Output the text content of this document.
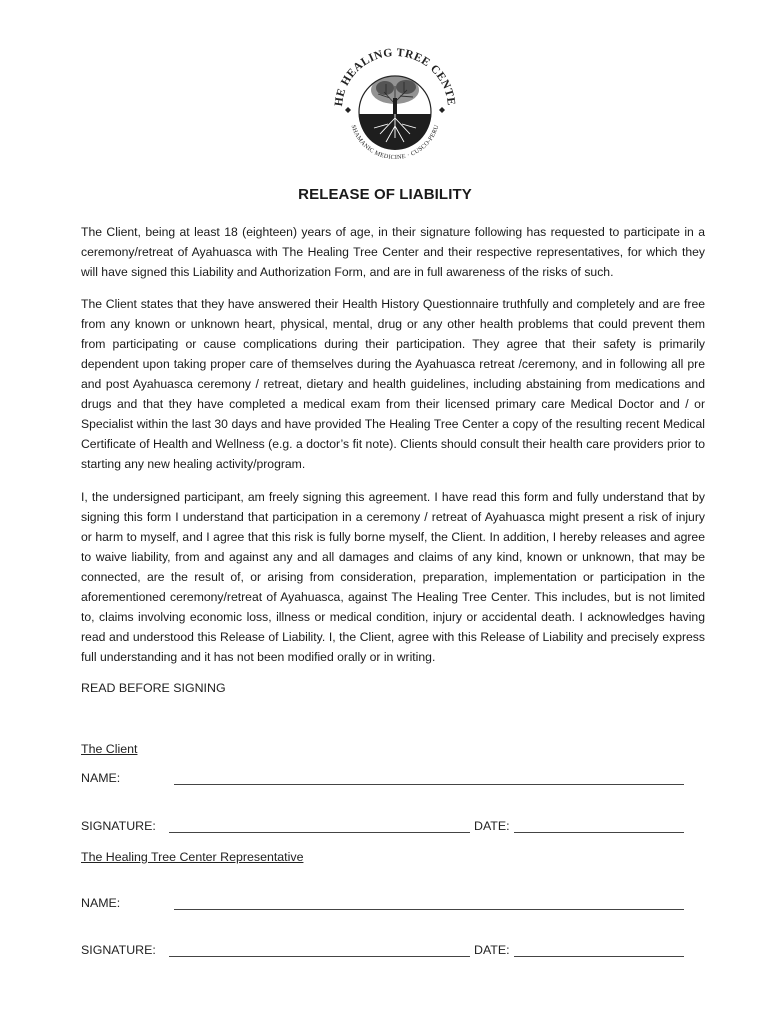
HE HEALING TREE CENTE
SHAMANIC MEDICINE · CUSCO-PERU
RELEASE OF LIABILITY

The Client, being at least 18 (eighteen) years of age, in their signature following has requested to participate in a ceremony/retreat of Ayahuasca with The Healing Tree Center and their respective representatives, for which they will have signed this Liability and Authorization Form, and are in full awareness of the risks of such.

The Client states that they have answered their Health History Questionnaire truthfully and completely and are free from any known or unknown heart, physical, mental, drug or any other health problems that could prevent them from participating or cause complications during their participation. They agree that their safety is primarily dependent upon taking proper care of themselves during the Ayahuasca retreat /ceremony, and in following all pre and post Ayahuasca ceremony / retreat, dietary and health guidelines, including abstaining from medications and drugs and that they have completed a medical exam from their licensed primary care Medical Doctor and / or Specialist within the last 30 days and have provided The Healing Tree Center a copy of the resulting recent Medical Certificate of Health and Wellness (e.g. a doctor’s fit note). Clients should consult their health care providers prior to starting any new healing activity/program.

I, the undersigned participant, am freely signing this agreement. I have read this form and fully understand that by signing this form I understand that participation in a ceremony / retreat of Ayahuasca might present a risk of injury or harm to myself, and I agree that this risk is fully borne myself, the Client. In addition, I hereby releases and agree to waive liability, from and against any and all damages and claims of any kind, known or unknown, that may be connected, are the result of, or arising from consideration, preparation, implementation or participation in the aforementioned ceremony/retreat of Ayahuasca, against The Healing Tree Center. This includes, but is not limited to, claims involving economic loss, illness or medical condition, injury or accidental death. I acknowledges having read and understood this Release of Liability. I, the Client, agree with this Release of Liability and precisely express full understanding and it has not been modified orally or in writing.

READ BEFORE SIGNING
The Client
NAME:
SIGNATURE:	DATE:
The Healing Tree Center Representative
NAME:
SIGNATURE:	DATE:
